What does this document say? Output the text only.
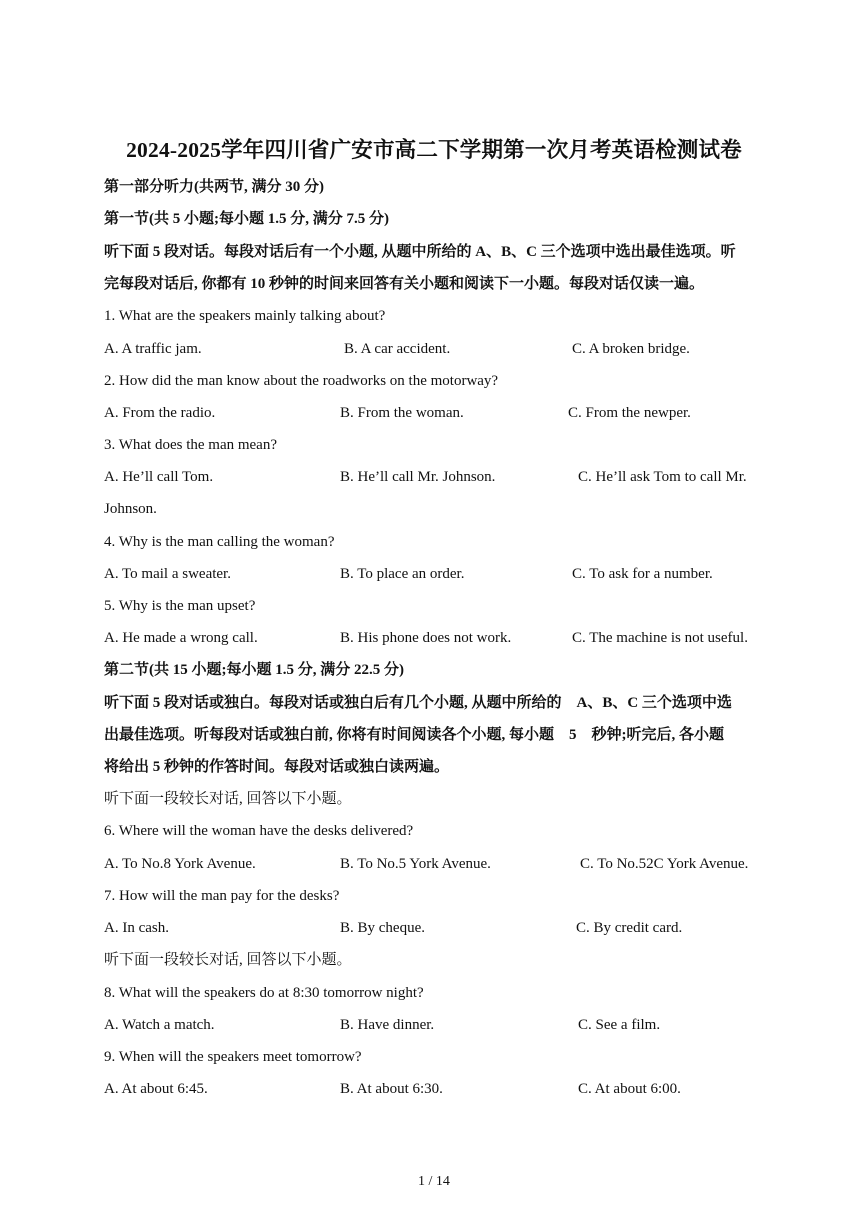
2024-2025学年四川省广安市高二下学期第一次月考英语检测试卷
第一部分听力(共两节, 满分 30 分)
第一节(共 5 小题;每小题 1.5 分, 满分 7.5 分)
听下面 5 段对话。每段对话后有一个小题, 从题中所给的 A、B、C 三个选项中选出最佳选项。听
完每段对话后, 你都有 10 秒钟的时间来回答有关小题和阅读下一小题。每段对话仅读一遍。
1. What are the speakers mainly talking about?
A. A traffic jam.	B. A car accident.	C. A broken bridge.
2. How did the man know about the roadworks on the motorway?
A. From the radio.	B. From the woman.	C. From the newper.
3. What does the man mean?
A. He’ll call Tom.	B. He’ll call Mr. Johnson.	C. He’ll ask Tom to call Mr.
Johnson.
4. Why is the man calling the woman?
A. To mail a sweater.	B. To place an order.	C. To ask for a number.
5. Why is the man upset?
A. He made a wrong call.	B. His phone does not work.	C. The machine is not useful.
第二节(共 15 小题;每小题 1.5 分, 满分 22.5 分)
听下面 5 段对话或独白。每段对话或独白后有几个小题, 从题中所给的　A、B、C 三个选项中选
出最佳选项。听每段对话或独白前, 你将有时间阅读各个小题, 每小题　5　秒钟;听完后, 各小题
将给出 5 秒钟的作答时间。每段对话或独白读两遍。
听下面一段较长对话, 回答以下小题。
6. Where will the woman have the desks delivered?
A. To No.8 York Avenue.	B. To No.5 York Avenue.	C. To No.52C York Avenue.
7. How will the man pay for the desks?
A. In cash.	B. By cheque.	C. By credit card.
听下面一段较长对话, 回答以下小题。
8. What will the speakers do at 8:30 tomorrow night?
A. Watch a match.	B. Have dinner.	C. See a film.
9. When will the speakers meet tomorrow?
A. At about 6:45.	B. At about 6:30.	C. At about 6:00.
1 / 14
